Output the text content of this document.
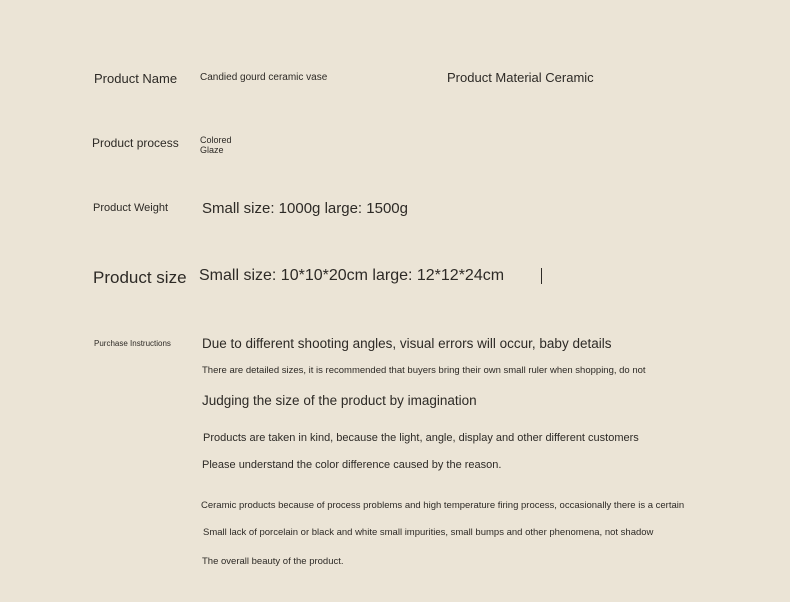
Product Name Candied gourd ceramic vase	Product Material Ceramic
Product process Colored
Glaze
Product Weight Small size: 1000g large: 1500g
Product size Small size: 10*10*20cm large: 12*12*24cm
Purchase Instructions Due to different shooting angles, visual errors will occur, baby details
There are detailed sizes, it is recommended that buyers bring their own small ruler when shopping, do not
Judging the size of the product by imagination
Products are taken in kind, because the light, angle, display and other different customers
Please understand the color difference caused by the reason.
Ceramic products because of process problems and high temperature firing process, occasionally there is a certain
Small lack of porcelain or black and white small impurities, small bumps and other phenomena, not shadow
The overall beauty of the product.
